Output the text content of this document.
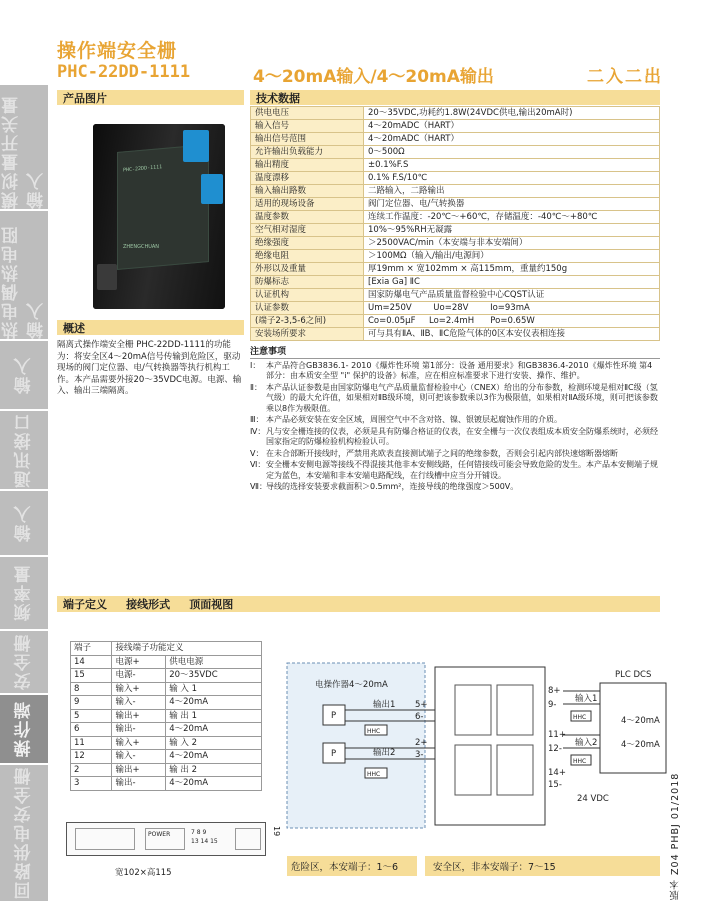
操作端安全栅
PHC-22DD-1111	4～20mA输入/4～20mA输出	二入二出
模拟量开关量输入
热电偶热电阻输入
输入
通讯接口
输入
频率量
安全栅
操作端
回路供电安全栅
产品图片
PHC-22DD-1111
ZHENGCHUAN
概述
隔离式操作端安全栅 PHC-22DD-1111的功能为：将安全区4～20mA信号传输到危险区，驱动现场的阀门定位器、电/气转换器等执行机构工作。本产品需要外接20～35VDC电源。电源、输入、输出三端隔离。
技术数据
供电电压	20～35VDC,功耗约1.8W(24VDC供电,输出20mA时)
输入信号	4～20mADC（HART）
输出信号范围	4～20mADC（HART）
允许输出负载能力	0～500Ω
输出精度	±0.1%F.S
温度漂移	0.1% F.S/10℃
输入输出路数	二路输入，二路输出
适用的现场设备	阀门定位器、电/气转换器
温度参数	连续工作温度：-20℃～+60℃，存储温度：-40℃～+80℃
空气相对湿度	10%～95%RH无凝露
绝缘强度	＞2500VAC/min（本安端与非本安端间）
绝缘电阻	＞100MΩ（输入/输出/电源间）
外形以及重量	厚19mm × 宽102mm × 高115mm，重量约150g
防爆标志	[Exia Ga] ⅡC
认证机构	国家防爆电气产品质量监督检验中心CQST认证
认证参数	Um=250V        Uo=28V        Io=93mA
(端子2-3,5-6之间)	Co=0.05μF     Lo=2.4mH      Po=0.65W
安装场所要求	可与具有ⅡA、ⅡB、ⅡC危险气体的0区本安仪表相连接
注意事项
Ⅰ： 本产品符合GB3836.1- 2010《爆炸性环境 第1部分：设备 通用要求》和GB3836.4-2010《爆炸性环境 第4部分：由本质安全型 "i" 保护的设备》标准，应在相应标准要求下进行安装、操作、维护。
Ⅱ： 本产品认证参数是由国家防爆电气产品质量监督检验中心（CNEX）给出的分布参数，检测环境是相对ⅡC级（氢气级）的最大允许值，如果相对ⅡB级环境，则可把该参数乘以3作为极限值，如果相对ⅡA级环境，则可把该参数乘以8作为极限值。
Ⅲ： 本产品必须安装在安全区域，周围空气中不含对铬、镍、银镀层起腐蚀作用的介质。
Ⅳ： 凡与安全栅连接的仪表，必须是具有防爆合格证的仪表，在安全栅与一次仪表组成本质安全防爆系统时，必须经国家指定的防爆检验机构检验认可。
Ⅴ： 在未合部断开接线时，严禁用兆欧表直接测试端子之间的绝缘参数，否则会引起内部快速熔断器熔断
Ⅵ： 安全栅本安侧电源等接线不得混接其他非本安侧线路，任何错接线可能会导致危险的发生。本产品本安侧端子规定为蓝色，本安端和非本安端电路配线，在行线槽中应当分开铺设。
Ⅶ： 导线的选择安装要求截面积＞0.5mm²，连接导线的绝缘强度＞500V。
端子定义     接线形式     顶面视图
端子	接线端子功能定义	
14	电源+	供电电源
15	电源-	20～35VDC
8	输入+	输 入 1
9	输入-	4～20mA
5	输出+	输 出 1
6	输出-	4～20mA
11	输入+	输 入 2
12	输入-	4～20mA
2	输出+	输 出 2
3	输出-	4～20mA
电操作器4～20mA
P
P
输出1
输出2
HHC
HHC
5+
6-
2+
3-
8+
9-
11+
12-
14+
15-
输入1
输入2
HHC
HHC
24 VDC
PLC DCS
4～20mA
4～20mA
POWER	7 8 9
13 14 15
19
宽102×高115	危险区，本安端子：1～6	安全区，非本安端子：7～15	版本 Z04 PHBJ 01/2018
